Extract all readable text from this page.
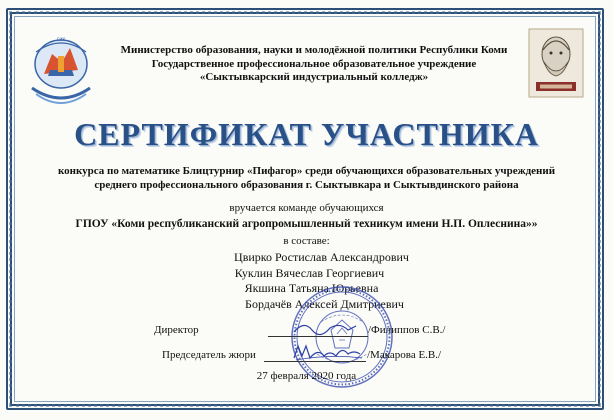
СИК
Министерство образования, науки и молодёжной политики Республики Коми
Государственное профессиональное образовательное учреждение
«Сыктывкарский индустриальный колледж»
СЕРТИФИКАТ УЧАСТНИКА
конкурса по математике Блицтурнир «Пифагор» среди обучающихся образовательных учреждений
среднего профессионального образования г. Сыктывкара и Сыктывдинского района
вручается команде обучающихся
ГПОУ «Коми республиканский агропромышленный техникум имени Н.П. Оплеснина»»
в составе:
Цвирко Ростислав Александрович
Куклин Вячеслав Георгиевич
Якшина Татьяна Юрьевна
Бордачёв Алексей Дмитриевич
Директор	/Филиппов С.В./
Председатель жюри	/Макарова Е.В./
27 февраля 2020 года
